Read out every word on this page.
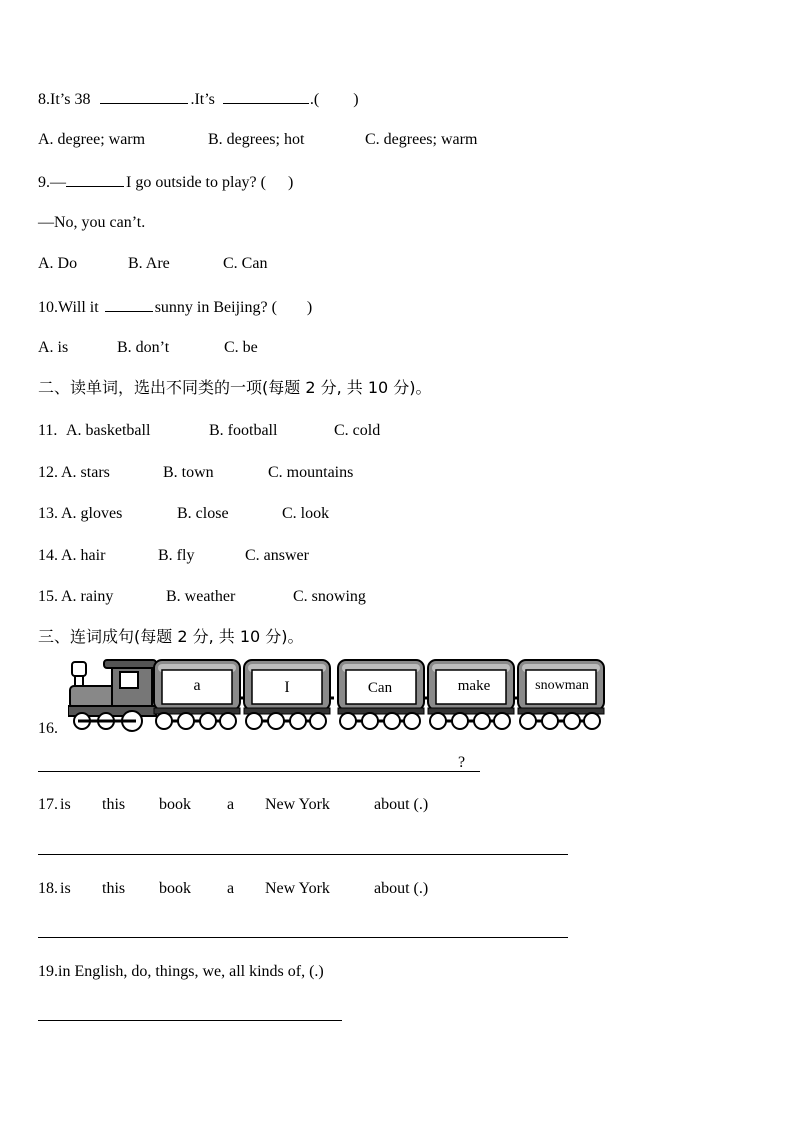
8.It’s 38	.It’s	.( )
A. degree; warm	B. degrees; hot	C. degrees; warm
9.—	I go outside to play? ( )
—No, you can’t.
A. Do	B. Are	C. Can
10.Will it	sunny in Beijing? ( )
A. is	B. don’t	C. be
二、读单词，选出不同类的一项(每题 2 分, 共 10 分)。
11. A. basketball	B. football	C. cold
12. A. stars	B. town	C. mountains
13. A. gloves	B. close	C. look
14. A. hair	B. fly	C. answer
15. A. rainy	B. weather	C. snowing
三、连词成句(每题 2 分, 共 10 分)。
a	I	Can	make	snowman
16.
?
17. is this book a New York	about (.)
18. is this book a New York	about (.)
19.in English, do, things, we, all kinds of, (.)
